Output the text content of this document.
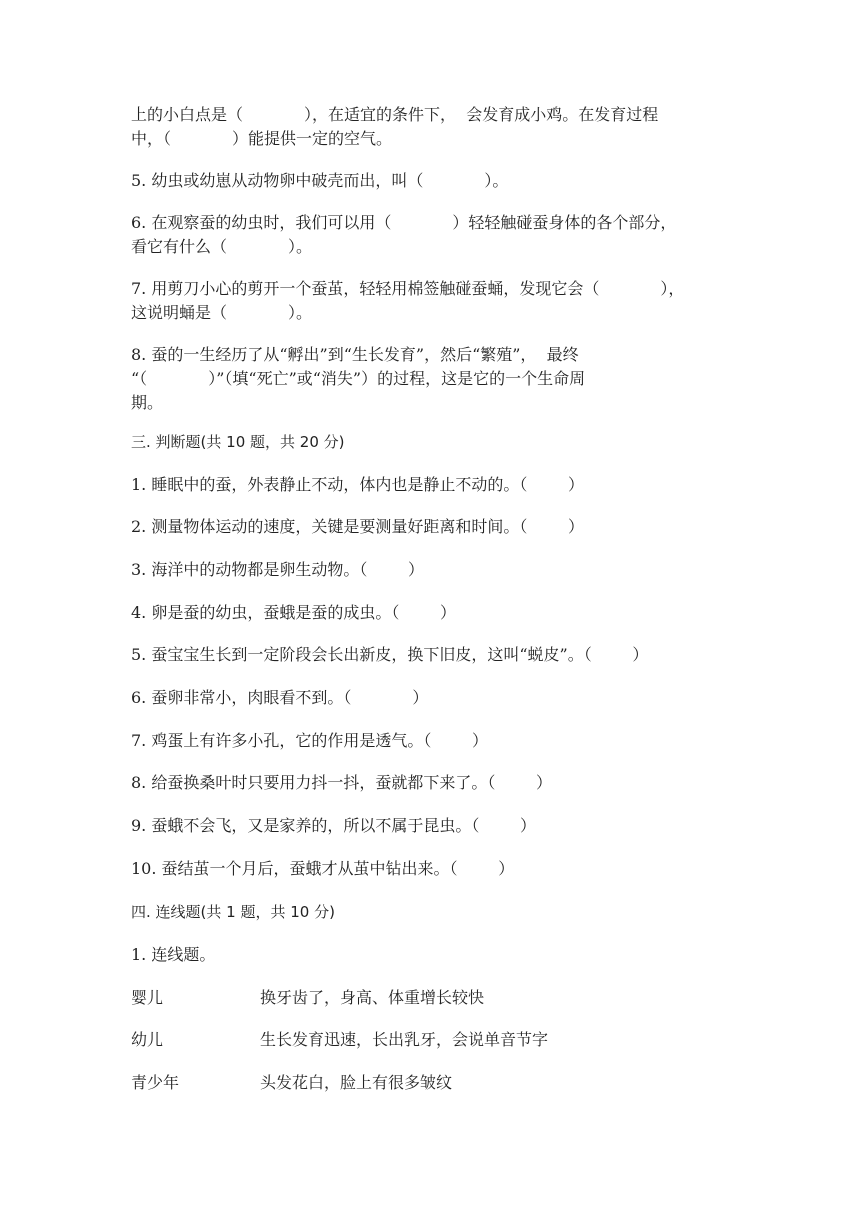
上的小白点是（            ），在适宜的条件下，  会发育成小鸡。在发育过程
中，（            ）能提供一定的空气。
5. 幼虫或幼崽从动物卵中破壳而出，叫（            ）。
6. 在观察蚕的幼虫时，我们可以用（            ）轻轻触碰蚕身体的各个部分，
看它有什么（            ）。
7. 用剪刀小心的剪开一个蚕茧，轻轻用棉签触碰蚕蛹，发现它会（            ），
这说明蛹是（            ）。
8. 蚕的一生经历了从“孵出”到“生长发育”，然后“繁殖”，  最终
“（            ）”（填“死亡”或“消失”）的过程，这是它的一个生命周
期。
三. 判断题(共 10 题，共 20 分)
1. 睡眠中的蚕，外表静止不动，体内也是静止不动的。（        ）
2. 测量物体运动的速度，关键是要测量好距离和时间。（        ）
3. 海洋中的动物都是卵生动物。（        ）
4. 卵是蚕的幼虫，蚕蛾是蚕的成虫。（        ）
5. 蚕宝宝生长到一定阶段会长出新皮，换下旧皮，这叫“蜕皮”。（        ）
6. 蚕卵非常小，肉眼看不到。（            ）
7. 鸡蛋上有许多小孔，它的作用是透气。（        ）
8. 给蚕换桑叶时只要用力抖一抖，蚕就都下来了。（        ）
9. 蚕蛾不会飞，又是家养的，所以不属于昆虫。（        ）
10. 蚕结茧一个月后，蚕蛾才从茧中钻出来。（        ）
四. 连线题(共 1 题，共 10 分)
1. 连线题。
婴儿	换牙齿了，身高、体重增长较快
幼儿	生长发育迅速，长出乳牙，会说单音节字
青少年	头发花白，脸上有很多皱纹
